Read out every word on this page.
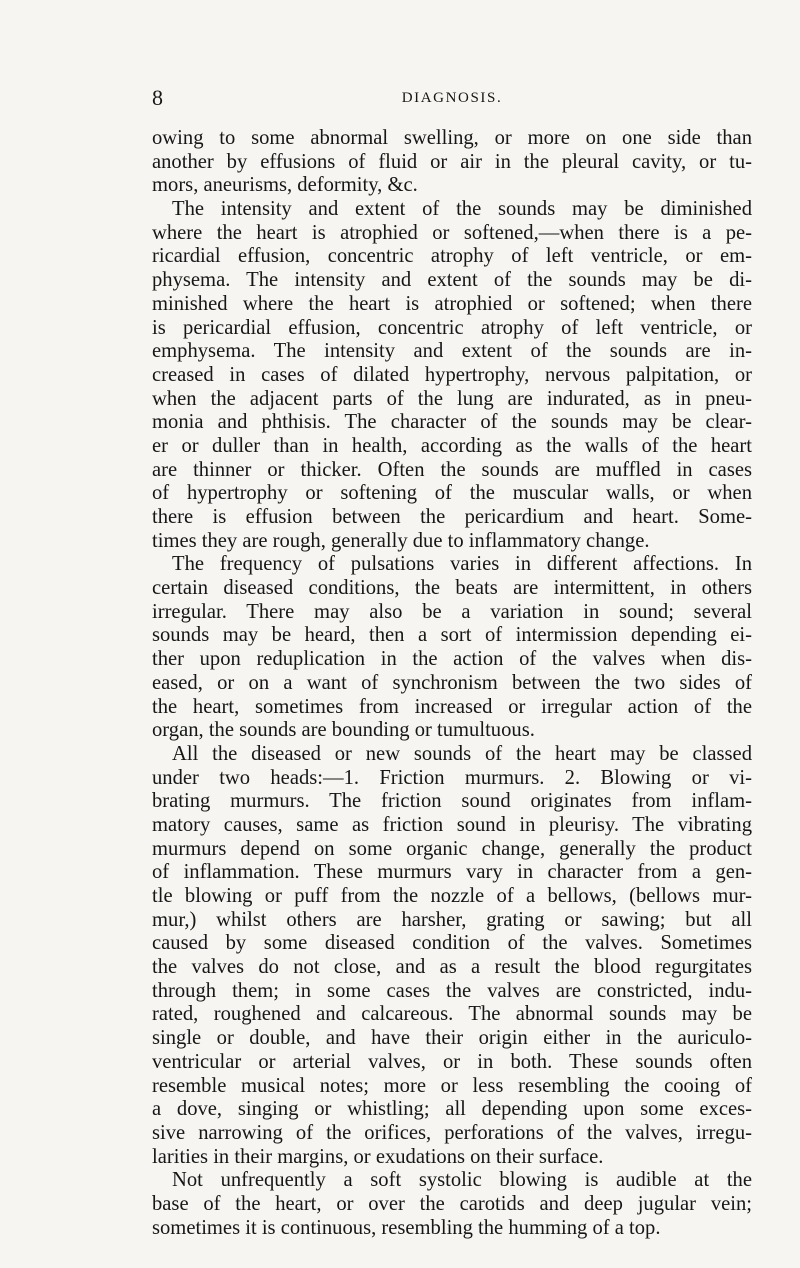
8	DIAGNOSIS.
owing to some abnormal swelling, or more on one side than
another by effusions of fluid or air in the pleural cavity, or tu-
mors, aneurisms, deformity, &c.
The intensity and extent of the sounds may be diminished
where the heart is atrophied or softened,—when there is a pe-
ricardial effusion, concentric atrophy of left ventricle, or em-
physema. The intensity and extent of the sounds may be di-
minished where the heart is atrophied or softened; when there
is pericardial effusion, concentric atrophy of left ventricle, or
emphysema. The intensity and extent of the sounds are in-
creased in cases of dilated hypertrophy, nervous palpitation, or
when the adjacent parts of the lung are indurated, as in pneu-
monia and phthisis. The character of the sounds may be clear-
er or duller than in health, according as the walls of the heart
are thinner or thicker. Often the sounds are muffled in cases
of hypertrophy or softening of the muscular walls, or when
there is effusion between the pericardium and heart. Some-
times they are rough, generally due to inflammatory change.
The frequency of pulsations varies in different affections. In
certain diseased conditions, the beats are intermittent, in others
irregular. There may also be a variation in sound; several
sounds may be heard, then a sort of intermission depending ei-
ther upon reduplication in the action of the valves when dis-
eased, or on a want of synchronism between the two sides of
the heart, sometimes from increased or irregular action of the
organ, the sounds are bounding or tumultuous.
All the diseased or new sounds of the heart may be classed
under two heads:—1. Friction murmurs. 2. Blowing or vi-
brating murmurs. The friction sound originates from inflam-
matory causes, same as friction sound in pleurisy. The vibrating
murmurs depend on some organic change, generally the product
of inflammation. These murmurs vary in character from a gen-
tle blowing or puff from the nozzle of a bellows, (bellows mur-
mur,) whilst others are harsher, grating or sawing; but all
caused by some diseased condition of the valves. Sometimes
the valves do not close, and as a result the blood regurgitates
through them; in some cases the valves are constricted, indu-
rated, roughened and calcareous. The abnormal sounds may be
single or double, and have their origin either in the auriculo-
ventricular or arterial valves, or in both. These sounds often
resemble musical notes; more or less resembling the cooing of
a dove, singing or whistling; all depending upon some exces-
sive narrowing of the orifices, perforations of the valves, irregu-
larities in their margins, or exudations on their surface.
Not unfrequently a soft systolic blowing is audible at the
base of the heart, or over the carotids and deep jugular vein;
sometimes it is continuous, resembling the humming of a top.
